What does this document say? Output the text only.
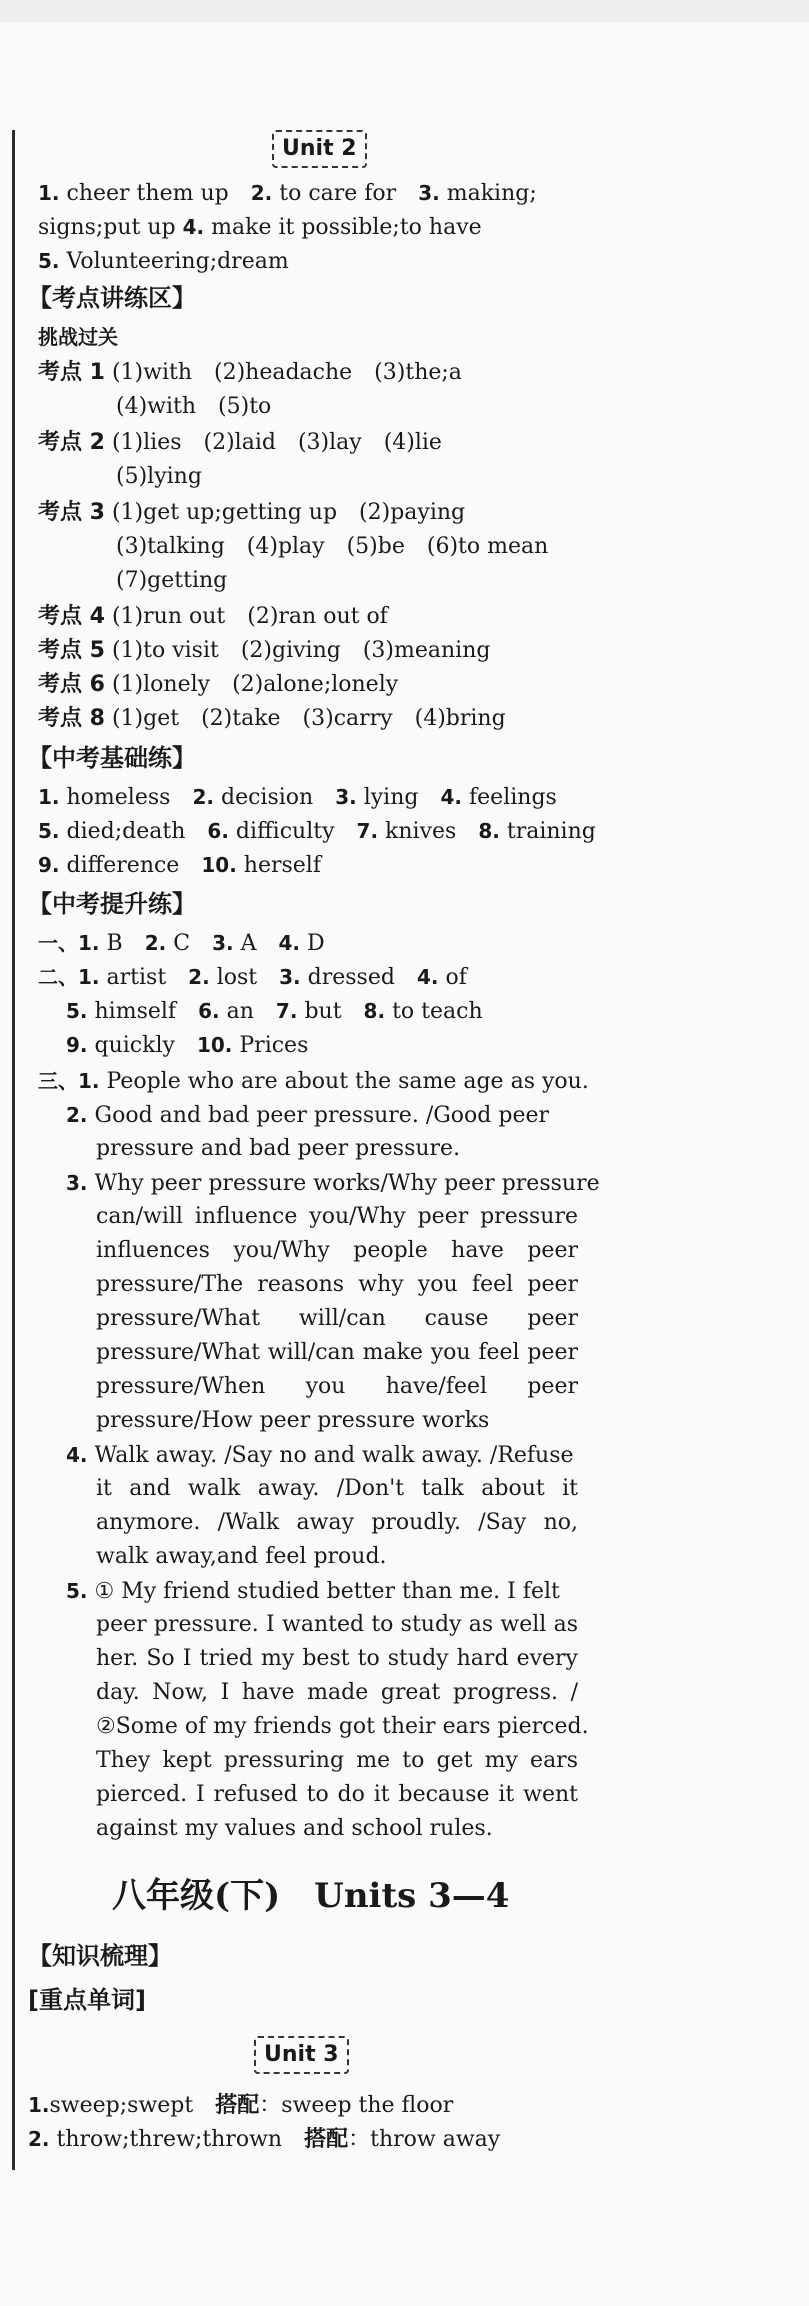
Unit 2
1. cheer them up　 2. to care for　 3. making;
signs;put up 4. make it possible;to have
5. Volunteering;dream
【考点讲练区】
挑战过关
考点 1 (1)with　(2)headache　(3)the;a
(4)with　(5)to
考点 2 (1)lies　(2)laid　(3)lay　(4)lie
(5)lying
考点 3 (1)get up;getting up　(2)paying
(3)talking　(4)play　(5)be　(6)to mean
(7)getting
考点 4 (1)run out　(2)ran out of
考点 5 (1)to visit　(2)giving　(3)meaning
考点 6 (1)lonely　(2)alone;lonely
考点 8 (1)get　(2)take　(3)carry　(4)bring
【中考基础练】
1. homeless　 2. decision　 3. lying　 4. feelings
5. died;death　 6. difficulty　 7. knives　 8. training
9. difference　 10. herself
【中考提升练】
一、1. B　 2. C　 3. A　 4. D
二、1. artist　 2. lost　 3. dressed　 4. of
5. himself　 6. an　 7. but　 8. to teach
9. quickly　 10. Prices
三、1. People who are about the same age as you.
2. Good and bad peer pressure. /Good peer
pressure and bad peer pressure.
3. Why peer pressure works/Why peer pressure
can/will influence you/Why peer pressure
influences you/Why people have peer
pressure/The reasons why you feel peer
pressure/What will/can cause peer
pressure/What will/can make you feel peer
pressure/When you have/feel peer
pressure/How peer pressure works
4. Walk away. /Say no and walk away. /Refuse
it and walk away. /Don't talk about it
anymore. /Walk away proudly. /Say no,
walk away,and feel proud.
5. ① My friend studied better than me. I felt
peer pressure. I wanted to study as well as
her. So I tried my best to study hard every
day. Now, I have made great progress. /
②Some of my friends got their ears pierced.
They kept pressuring me to get my ears
pierced. I refused to do it because it went
against my values and school rules.
八年级(下)　Units 3—4
【知识梳理】
[重点单词]
Unit 3
1.sweep;swept　 搭配：sweep the floor
2. throw;threw;thrown　 搭配：throw away
